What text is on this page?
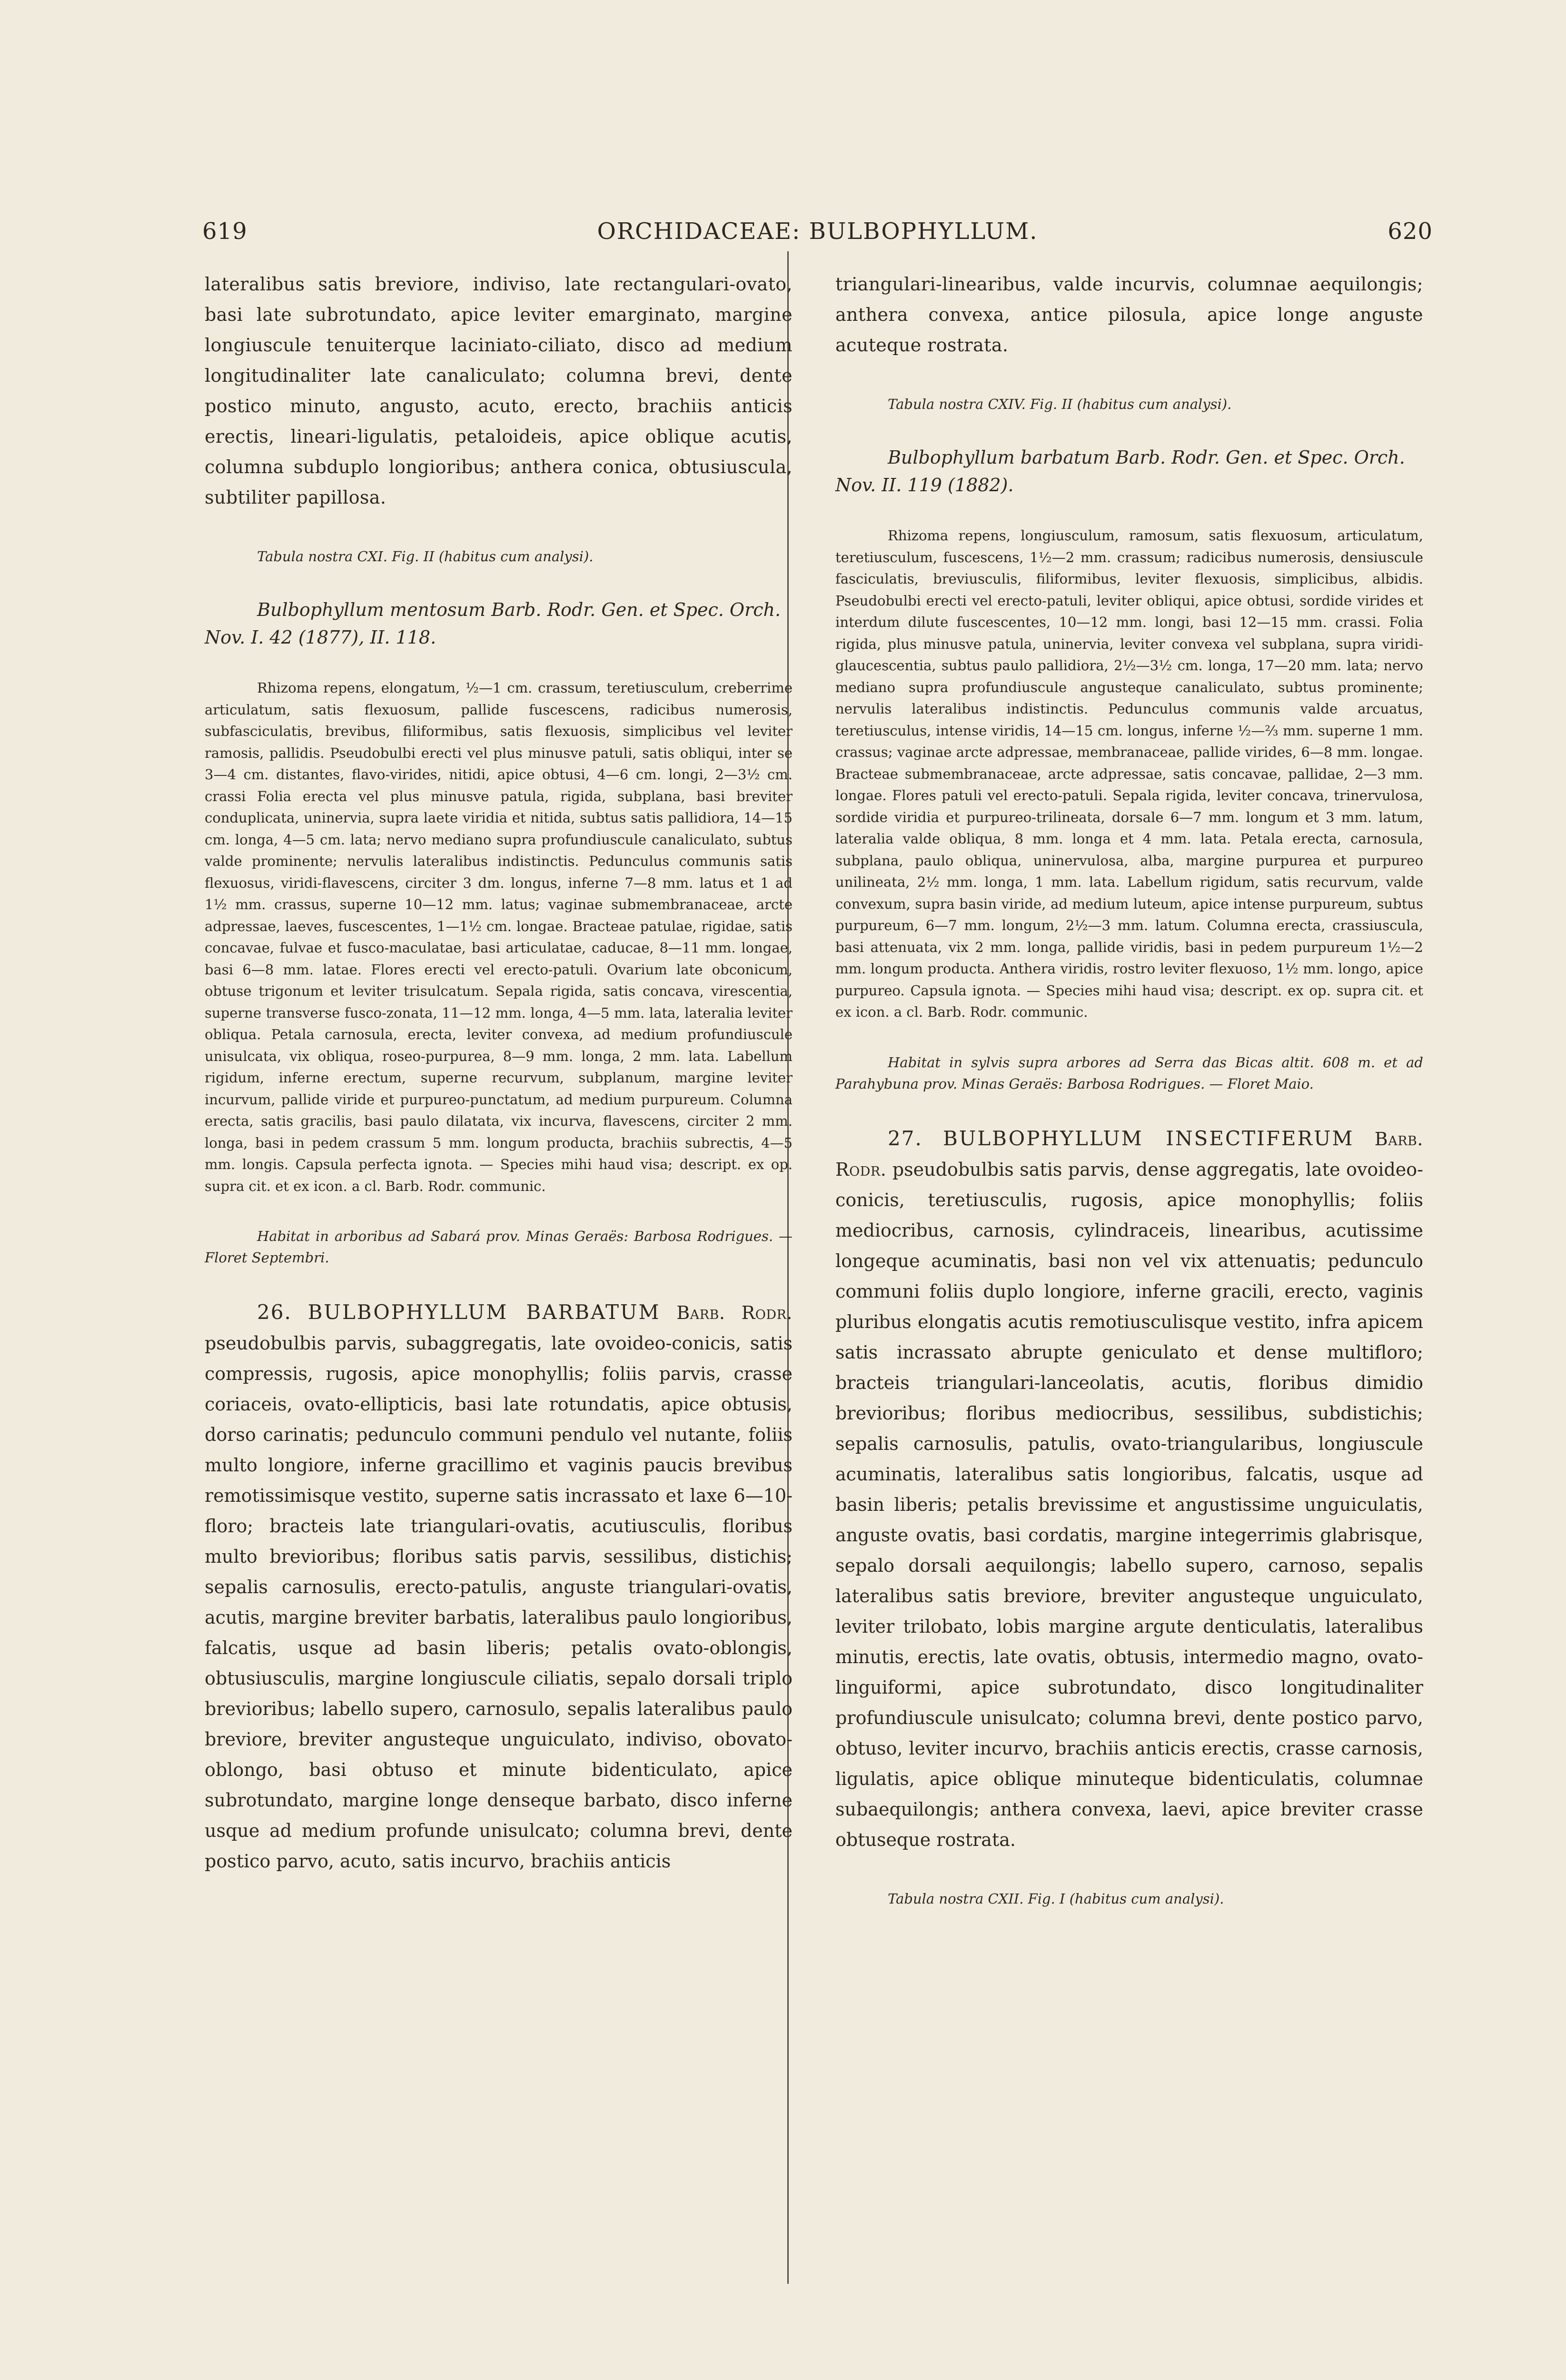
619	ORCHIDACEAE: BULBOPHYLLUM.	620

lateralibus satis breviore, indiviso, late rectangulari-ovato, basi late subrotundato, apice leviter emarginato, margine longiuscule tenuiterque laciniato-ciliato, disco ad medium longitudinaliter late canaliculato; columna brevi, dente postico minuto, angusto, acuto, erecto, brachiis anticis erectis, lineari-ligulatis, petaloideis, apice oblique acutis, columna subduplo longioribus; anthera conica, obtusiuscula, subtiliter papillosa.

Tabula nostra CXI. Fig. II (habitus cum analysi).

Bulbophyllum mentosum Barb. Rodr. Gen. et Spec. Orch. Nov. I. 42 (1877), II. 118.

Rhizoma repens, elongatum, ½—1 cm. crassum, teretiusculum, creberrime articulatum, satis flexuosum, pallide fuscescens, radicibus numerosis, subfasciculatis, brevibus, filiformibus, satis flexuosis, simplicibus vel leviter ramosis, pallidis. Pseudobulbi erecti vel plus minusve patuli, satis obliqui, inter se 3—4 cm. distantes, flavo-virides, nitidi, apice obtusi, 4—6 cm. longi, 2—3½ cm. crassi Folia erecta vel plus minusve patula, rigida, subplana, basi breviter conduplicata, uninervia, supra laete viridia et nitida, subtus satis pallidiora, 14—15 cm. longa, 4—5 cm. lata; nervo mediano supra profundiuscule canaliculato, subtus valde prominente; nervulis lateralibus indistinctis. Pedunculus communis satis flexuosus, viridi-flavescens, circiter 3 dm. longus, inferne 7—8 mm. latus et 1 ad 1½ mm. crassus, superne 10—12 mm. latus; vaginae submembranaceae, arcte adpressae, laeves, fuscescentes, 1—1½ cm. longae. Bracteae patulae, rigidae, satis concavae, fulvae et fusco-maculatae, basi articulatae, caducae, 8—11 mm. longae, basi 6—8 mm. latae. Flores erecti vel erecto-patuli. Ovarium late obconicum, obtuse trigonum et leviter trisulcatum. Sepala rigida, satis concava, virescentia, superne transverse fusco-zonata, 11—12 mm. longa, 4—5 mm. lata, lateralia leviter obliqua. Petala carnosula, erecta, leviter convexa, ad medium profundiuscule unisulcata, vix obliqua, roseo-purpurea, 8—9 mm. longa, 2 mm. lata. Labellum rigidum, inferne erectum, superne recurvum, subplanum, margine leviter incurvum, pallide viride et purpureo-punctatum, ad medium purpureum. Columna erecta, satis gracilis, basi paulo dilatata, vix incurva, flavescens, circiter 2 mm. longa, basi in pedem crassum 5 mm. longum producta, brachiis subrectis, 4—5 mm. longis. Capsula perfecta ignota. — Species mihi haud visa; descript. ex op. supra cit. et ex icon. a cl. Barb. Rodr. communic.

Habitat in arboribus ad Sabará prov. Minas Geraës: Barbosa Rodrigues. — Floret Septembri.

26. BULBOPHYLLUM BARBATUM Barb. Rodr. pseudobulbis parvis, subaggregatis, late ovoideo-conicis, satis compressis, rugosis, apice monophyllis; foliis parvis, crasse coriaceis, ovato-ellipticis, basi late rotundatis, apice obtusis, dorso carinatis; pedunculo communi pendulo vel nutante, foliis multo longiore, inferne gracillimo et vaginis paucis brevibus remotissimisque vestito, superne satis incrassato et laxe 6—10-floro; bracteis late triangulari-ovatis, acutiusculis, floribus multo brevioribus; floribus satis parvis, sessilibus, distichis; sepalis carnosulis, erecto-patulis, anguste triangulari-ovatis, acutis, margine breviter barbatis, lateralibus paulo longioribus, falcatis, usque ad basin liberis; petalis ovato-oblongis, obtusiusculis, margine longiuscule ciliatis, sepalo dorsali triplo brevioribus; labello supero, carnosulo, sepalis lateralibus paulo breviore, breviter angusteque unguiculato, indiviso, obovato-oblongo, basi obtuso et minute bidenticulato, apice subrotundato, margine longe denseque barbato, disco inferne usque ad medium profunde unisulcato; columna brevi, dente postico parvo, acuto, satis incurvo, brachiis anticis

triangulari-linearibus, valde incurvis, columnae aequilongis; anthera convexa, antice pilosula, apice longe anguste acuteque rostrata.

Tabula nostra CXIV. Fig. II (habitus cum analysi).

Bulbophyllum barbatum Barb. Rodr. Gen. et Spec. Orch. Nov. II. 119 (1882).

Rhizoma repens, longiusculum, ramosum, satis flexuosum, articulatum, teretiusculum, fuscescens, 1½—2 mm. crassum; radicibus numerosis, densiuscule fasciculatis, breviusculis, filiformibus, leviter flexuosis, simplicibus, albidis. Pseudobulbi erecti vel erecto-patuli, leviter obliqui, apice obtusi, sordide virides et interdum dilute fuscescentes, 10—12 mm. longi, basi 12—15 mm. crassi. Folia rigida, plus minusve patula, uninervia, leviter convexa vel subplana, supra viridi-glaucescentia, subtus paulo pallidiora, 2½—3½ cm. longa, 17—20 mm. lata; nervo mediano supra profundiuscule angusteque canaliculato, subtus prominente; nervulis lateralibus indistinctis. Pedunculus communis valde arcuatus, teretiusculus, intense viridis, 14—15 cm. longus, inferne ½—⅔ mm. superne 1 mm. crassus; vaginae arcte adpressae, membranaceae, pallide virides, 6—8 mm. longae. Bracteae submembranaceae, arcte adpressae, satis concavae, pallidae, 2—3 mm. longae. Flores patuli vel erecto-patuli. Sepala rigida, leviter concava, trinervulosa, sordide viridia et purpureo-trilineata, dorsale 6—7 mm. longum et 3 mm. latum, lateralia valde obliqua, 8 mm. longa et 4 mm. lata. Petala erecta, carnosula, subplana, paulo obliqua, uninervulosa, alba, margine purpurea et purpureo unilineata, 2½ mm. longa, 1 mm. lata. Labellum rigidum, satis recurvum, valde convexum, supra basin viride, ad medium luteum, apice intense purpureum, subtus purpureum, 6—7 mm. longum, 2½—3 mm. latum. Columna erecta, crassiuscula, basi attenuata, vix 2 mm. longa, pallide viridis, basi in pedem purpureum 1½—2 mm. longum producta. Anthera viridis, rostro leviter flexuoso, 1½ mm. longo, apice purpureo. Capsula ignota. — Species mihi haud visa; descript. ex op. supra cit. et ex icon. a cl. Barb. Rodr. communic.

Habitat in sylvis supra arbores ad Serra das Bicas altit. 608 m. et ad Parahybuna prov. Minas Geraës: Barbosa Rodrigues. — Floret Maio.

27. BULBOPHYLLUM INSECTIFERUM Barb. Rodr. pseudobulbis satis parvis, dense aggregatis, late ovoideo-conicis, teretiusculis, rugosis, apice monophyllis; foliis mediocribus, carnosis, cylindraceis, linearibus, acutissime longeque acuminatis, basi non vel vix attenuatis; pedunculo communi foliis duplo longiore, inferne gracili, erecto, vaginis pluribus elongatis acutis remotiusculisque vestito, infra apicem satis incrassato abrupte geniculato et dense multifloro; bracteis triangulari-lanceolatis, acutis, floribus dimidio brevioribus; floribus mediocribus, sessilibus, subdistichis; sepalis carnosulis, patulis, ovato-triangularibus, longiuscule acuminatis, lateralibus satis longioribus, falcatis, usque ad basin liberis; petalis brevissime et angustissime unguiculatis, anguste ovatis, basi cordatis, margine integerrimis glabrisque, sepalo dorsali aequilongis; labello supero, carnoso, sepalis lateralibus satis breviore, breviter angusteque unguiculato, leviter trilobato, lobis margine argute denticulatis, lateralibus minutis, erectis, late ovatis, obtusis, intermedio magno, ovato-linguiformi, apice subrotundato, disco longitudinaliter profundiuscule unisulcato; columna brevi, dente postico parvo, obtuso, leviter incurvo, brachiis anticis erectis, crasse carnosis, ligulatis, apice oblique minuteque bidenticulatis, columnae subaequilongis; anthera convexa, laevi, apice breviter crasse obtuseque rostrata.

Tabula nostra CXII. Fig. I (habitus cum analysi).
